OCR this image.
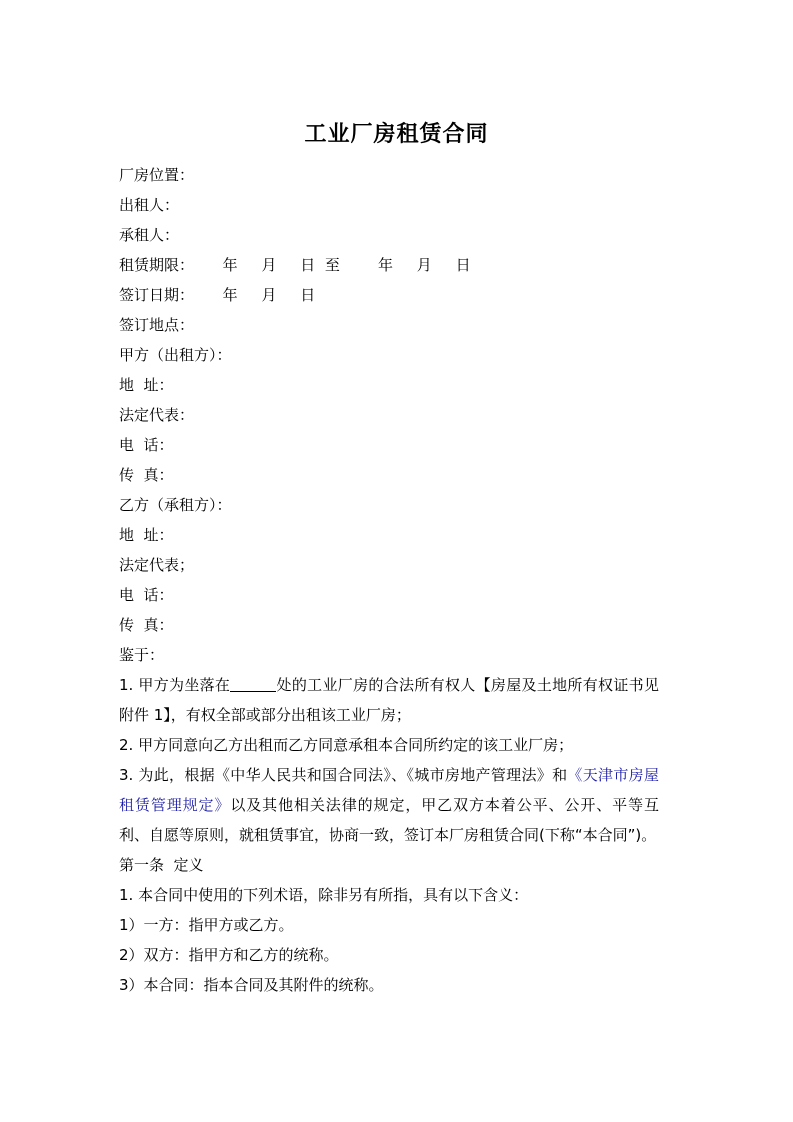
工业厂房租赁合同
厂房位置：
出租人：
承租人：
租赁期限：      年     月     日  至        年     月     日
签订日期：      年     月     日
签订地点：
甲方（出租方）：
地  址：
法定代表：
电  话：
传  真：
乙方（承租方）：
地  址：
法定代表；
电  话：
传  真：
鉴于：
1. 甲方为坐落在	处的工业厂房的合法所有权人【房屋及土地所有权证书见附件 1】，有权全部或部分出租该工业厂房；
2. 甲方同意向乙方出租而乙方同意承租本合同所约定的该工业厂房；
3. 为此，根据《中华人民共和国合同法》、《城市房地产管理法》和《天津市房屋租赁管理规定》以及其他相关法律的规定，甲乙双方本着公平、公开、平等互利、自愿等原则，就租赁事宜，协商一致，签订本厂房租赁合同(下称“本合同”)。
第一条  定义
1. 本合同中使用的下列术语，除非另有所指，具有以下含义：
1）一方：指甲方或乙方。
2）双方：指甲方和乙方的统称。
3）本合同：指本合同及其附件的统称。
